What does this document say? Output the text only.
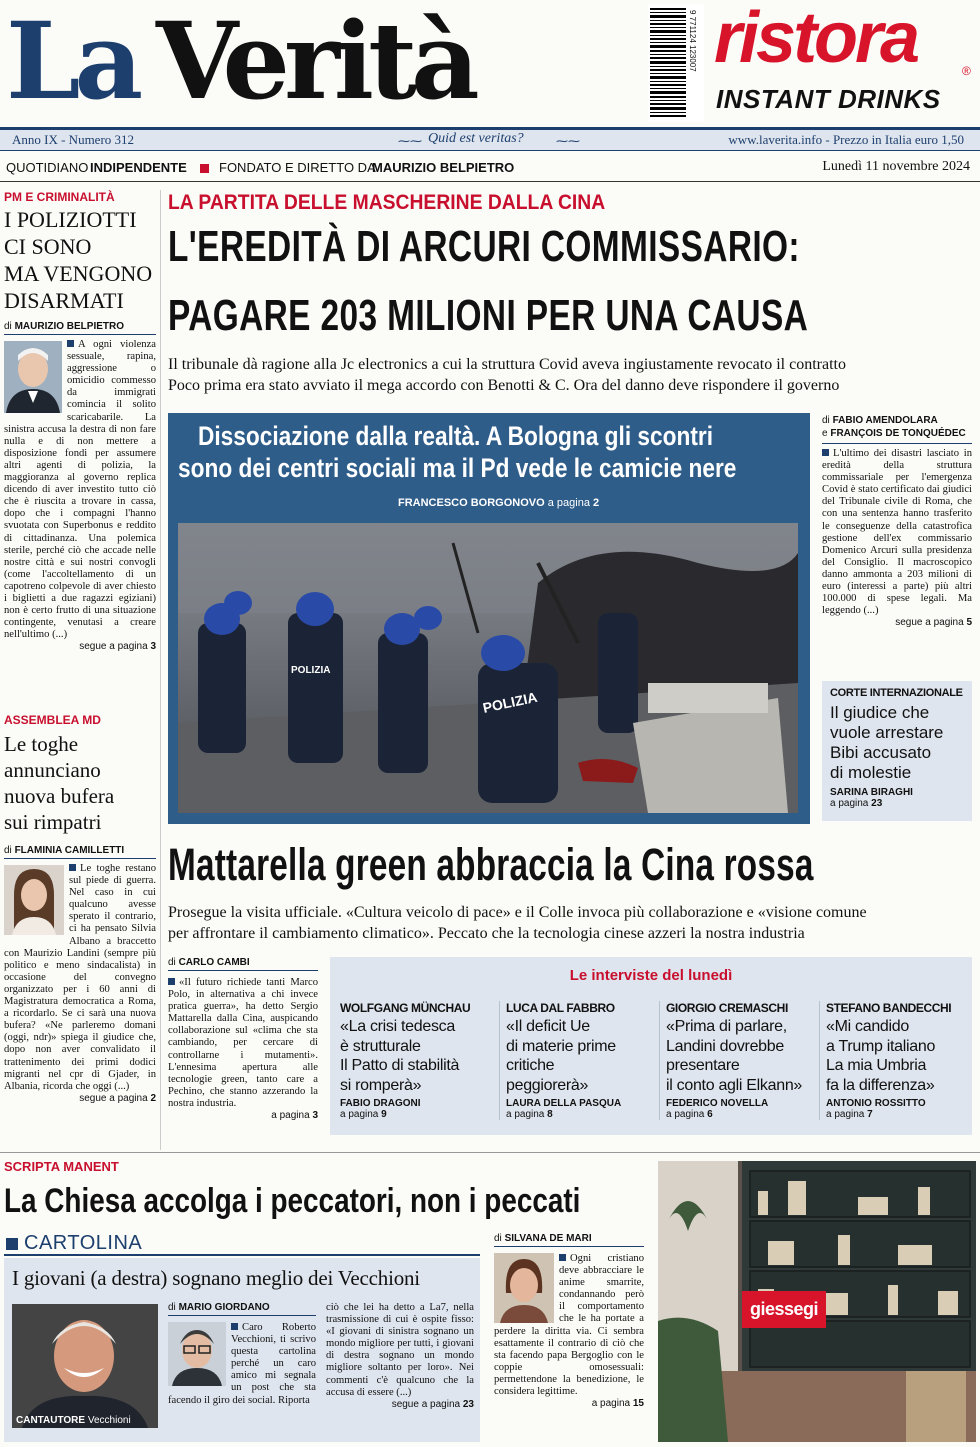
La Verità	9 771124 123007 ristora	®
INSTANT DRINKS
Anno IX - Numero 312	⁓⁓ Quid est veritas?	⁓⁓	www.laverita.info - Prezzo in Italia euro 1,50
QUOTIDIANO INDIPENDENTE FONDATO E DIRETTO DA
MAURIZIO BELPIETRO	Lunedì 11 novembre 2024
PM E CRIMINALITÀ
I POLIZIOTTI
CI SONO
MA VENGONO
DISARMATI
di MAURIZIO BELPIETRO
A ogni violenza sessuale, rapina, aggressione o omicidio commesso da immigrati comincia il solito scaricabarile. La sinistra accusa la destra di non fare nulla e di non mettere a disposizione fondi per assumere altri agenti di polizia, la maggioranza al governo replica dicendo di aver investito tutto ciò che è riuscita a trovare in cassa, dopo che i compagni l'hanno svuotata con Superbonus e reddito di cittadinanza. Una polemica sterile, perché ciò che accade nelle nostre città e sui nostri convogli (come l'accoltellamento di un capotreno colpevole di aver chiesto i biglietti a due ragazzi egiziani) non è certo frutto di una situazione contingente, venutasi a creare nell'ultimo (...)
segue a pagina 3
ASSEMBLEA MD
Le toghe
annunciano
nuova bufera
sui rimpatri
di FLAMINIA CAMILLETTI
Le toghe restano sul piede di guerra. Nel caso in cui qualcuno avesse sperato il contrario, ci ha pensato Silvia Albano a braccetto con Maurizio Landini (sempre più politico e meno sindacalista) in occasione del convegno organizzato per i 60 anni di Magistratura democratica a Roma, a ricordarlo. Se ci sarà una nuova bufera? «Ne parleremo domani (oggi, ndr)» spiega il giudice che, dopo non aver convalidato il trattenimento dei primi dodici migranti nel cpr di Gjader, in Albania, ricorda che oggi (...)
segue a pagina 2
LA PARTITA DELLE MASCHERINE DALLA CINA
L'EREDITÀ DI ARCURI COMMISSARIO:
PAGARE 203 MILIONI PER UNA CAUSA
Il tribunale dà ragione alla Jc electronics a cui la struttura Covid aveva ingiustamente revocato il contratto
Poco prima era stato avviato il mega accordo con Benotti & C. Ora del danno deve rispondere il governo
Dissociazione dalla realtà. A Bologna gli scontri
sono dei centri sociali ma il Pd vede le camicie nere
FRANCESCO BORGONOVO a pagina 2
POLIZIA
POLIZIA
di FABIO AMENDOLARA
e FRANÇOIS DE TONQUÉDEC
L'ultimo dei disastri lasciato in eredità della struttura commissariale per l'emergenza Covid è stato certificato dai giudici del Tribunale civile di Roma, che con una sentenza hanno trasferito le conseguenze della catastrofica gestione dell'ex commissario Domenico Arcuri sulla presidenza del Consiglio. Il macroscopico danno ammonta a 203 milioni di euro (interessi a parte) più altri 100.000 di spese legali. Ma leggendo (...)
segue a pagina 5
CORTE INTERNAZIONALE
Il giudice che
vuole arrestare
Bibi accusato
di molestie
SARINA BIRAGHI
a pagina 23
Mattarella green abbraccia la Cina rossa
Prosegue la visita ufficiale. «Cultura veicolo di pace» e il Colle invoca più collaborazione e «visione comune
per affrontare il cambiamento climatico». Peccato che la tecnologia cinese azzeri la nostra industria
di CARLO CAMBI
«Il futuro richiede tanti Marco Polo, in alternativa a chi invece pratica guerra», ha detto Sergio Mattarella dalla Cina, auspicando collaborazione sul «clima che sta cambiando, per cercare di controllarne i mutamenti». L'ennesima apertura alle tecnologie green, tanto care a Pechino, che stanno azzerando la nostra industria.
a pagina 3
Le interviste del lunedì
WOLFGANG MÜNCHAU
«La crisi tedesca
è strutturale
Il Patto di stabilità
si romperà»
FABIO DRAGONI
a pagina 9
LUCA DAL FABBRO
«Il deficit Ue
di materie prime
critiche
peggiorerà»
LAURA DELLA PASQUA
a pagina 8
GIORGIO CREMASCHI
«Prima di parlare,
Landini dovrebbe
presentare
il conto agli Elkann»
FEDERICO NOVELLA
a pagina 6
STEFANO BANDECCHI
«Mi candido
a Trump italiano
La mia Umbria
fa la differenza»
ANTONIO ROSSITTO
a pagina 7
SCRIPTA MANENT
La Chiesa accolga i peccatori, non i peccati
CARTOLINA
I giovani (a destra) sognano meglio dei Vecchioni
CANTAUTORE Vecchioni
di MARIO GIORDANO
Caro Roberto Vecchioni, ti scrivo questa cartolina perché un caro amico mi segnala un post che sta facendo il giro dei social. Riporta
ciò che lei ha detto a La7, nella trasmissione di cui è ospite fisso: «I giovani di sinistra sognano un mondo migliore per tutti, i giovani di destra sognano un mondo migliore soltanto per loro». Nei commenti c'è qualcuno che la accusa di essere (...)
segue a pagina 23
di SILVANA DE MARI
Ogni cristiano deve abbracciare le anime smarrite, condannando però il comportamento che le ha portate a perdere la diritta via. Ci sembra esattamente il contrario di ciò che sta facendo papa Bergoglio con le coppie omosessuali: permettendone la benedizione, le considera legittime.
a pagina 15
giessegi
